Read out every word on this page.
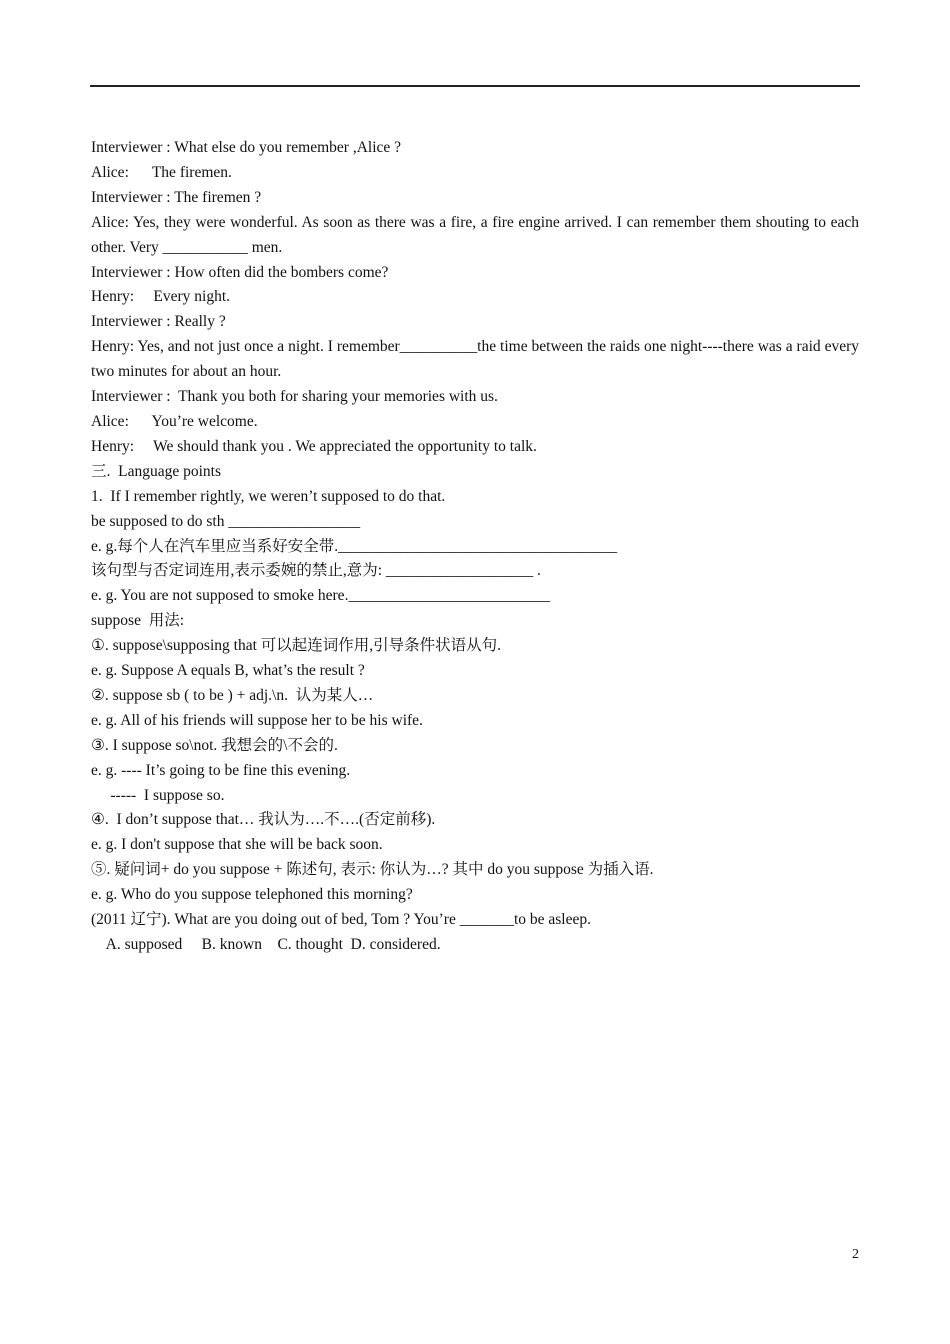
Interviewer : What else do you remember ,Alice ?
Alice:      The firemen.
Interviewer : The firemen ?
Alice: Yes, they were wonderful. As soon as there was a fire, a fire engine arrived. I can remember them shouting to each other. Very ___________ men.
Interviewer : How often did the bombers come?
Henry:     Every night.
Interviewer : Really ?
Henry: Yes, and not just once a night. I remember__________the time between the raids one night----there was a raid every two minutes for about an hour.
Interviewer :  Thank you both for sharing your memories with us.
Alice:      You’re welcome.
Henry:     We should thank you . We appreciated the opportunity to talk.
三.  Language points
1.  If I remember rightly, we weren’t supposed to do that.
be supposed to do sth _________________
e. g.每个人在汽车里应当系好安全带.____________________________________
该句型与否定词连用,表示委婉的禁止,意为: ___________________ .
e. g. You are not supposed to smoke here.__________________________
suppose  用法:
①. suppose\supposing that 可以起连词作用,引导条件状语从句.
e. g. Suppose A equals B, what’s the result ?
②. suppose sb ( to be ) + adj.\n.  认为某人…
e. g. All of his friends will suppose her to be his wife.
③. I suppose so\not. 我想会的\不会的.
e. g. ---- It’s going to be fine this evening.
-----  I suppose so.
④.  I don’t suppose that… 我认为….不….(否定前移).
e. g. I don't suppose that she will be back soon.
⑤. 疑问词+ do you suppose + 陈述句, 表示: 你认为…? 其中 do you suppose 为插入语.
e. g. Who do you suppose telephoned this morning?
(2011 辽宁). What are you doing out of bed, Tom ? You’re _______to be asleep.
A. supposed     B. known    C. thought  D. considered.
2
